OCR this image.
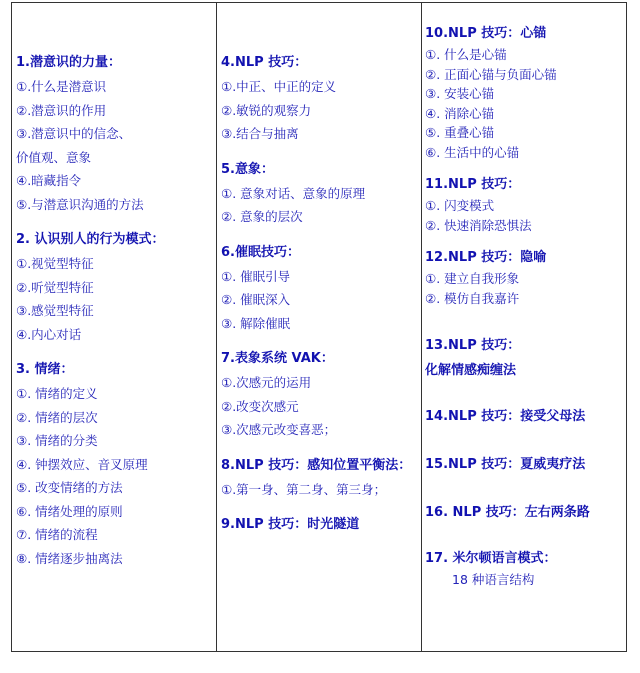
1.潜意识的力量：
①.什么是潜意识
②.潜意识的作用
③.潜意识中的信念、
价值观、意象
④.暗藏指令
⑤.与潜意识沟通的方法
2. 认识别人的行为模式：
①.视觉型特征
②.听觉型特征
③.感觉型特征
④.内心对话
3. 情绪：
①. 情绪的定义
②. 情绪的层次
③. 情绪的分类
④. 钟摆效应、音叉原理
⑤. 改变情绪的方法
⑥. 情绪处理的原则
⑦. 情绪的流程
⑧. 情绪逐步抽离法
4.NLP 技巧：
①.中正、中正的定义
②.敏锐的观察力
③.结合与抽离
5.意象：
①. 意象对话、意象的原理
②. 意象的层次
6.催眠技巧：
①. 催眠引导
②. 催眠深入
③. 解除催眠
7.表象系统 VAK：
①.次感元的运用
②.改变次感元
③.次感元改变喜恶；
8.NLP 技巧：感知位置平衡法：
①.第一身、第二身、第三身；
9.NLP 技巧：时光隧道
10.NLP 技巧：心锚
①. 什么是心锚
②. 正面心锚与负面心锚
③. 安装心锚
④. 消除心锚
⑤. 重叠心锚
⑥. 生活中的心锚
11.NLP 技巧：
①. 闪变模式
②. 快速消除恐惧法
12.NLP 技巧：隐喻
①. 建立自我形象
②. 模仿自我嘉许
13.NLP 技巧：
化解情感痴缠法
14.NLP 技巧：接受父母法
15.NLP 技巧：夏威夷疗法
16. NLP 技巧：左右两条路
17. 米尔顿语言模式：
18 种语言结构
